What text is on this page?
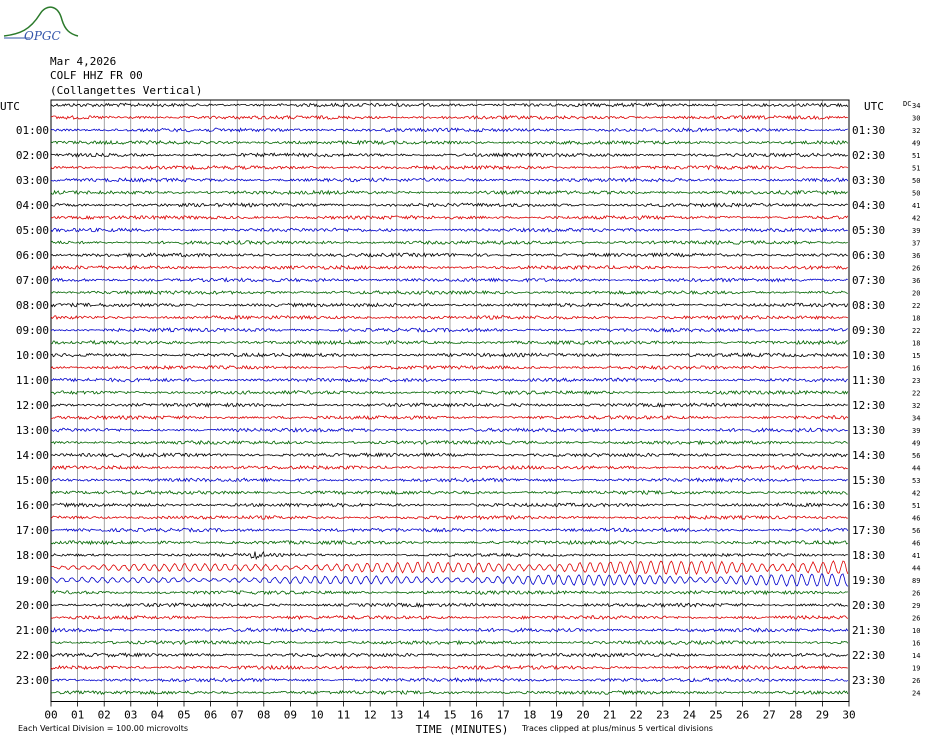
OPGC
Mar 4,2026
COLF HHZ FR 00
(Collangettes Vertical)
34
30
32
49
51
51
50
50
41
42
39
37
36
26
36
20
22
18
22
18
15
16
23
22
32
34
39
49
56
44
53
42
51
46
56
46
41
44
89
26
29
26
10
16
14
19
26
24
01:00	01:30
02:00	02:30
03:00	03:30
04:00	04:30
05:00	05:30
06:00	06:30
07:00	07:30
08:00	08:30
09:00	09:30
10:00	10:30
11:00	11:30
12:00	12:30
13:00	13:30
14:00	14:30
15:00	15:30
16:00	16:30
17:00	17:30
18:00	18:30
19:00	19:30
20:00	20:30
21:00	21:30
22:00	22:30
23:00	23:30
UTC	UTC	DC
00 01 02 03 04 05 06 07 08 09 10 11 12 13 14 15 16 17 18 19 20 21 22 23 24 25 26 27 28 29 30
TIME (MINUTES)
Each Vertical Division = 100.00 microvolts	Traces clipped at plus/minus 5 vertical divisions
